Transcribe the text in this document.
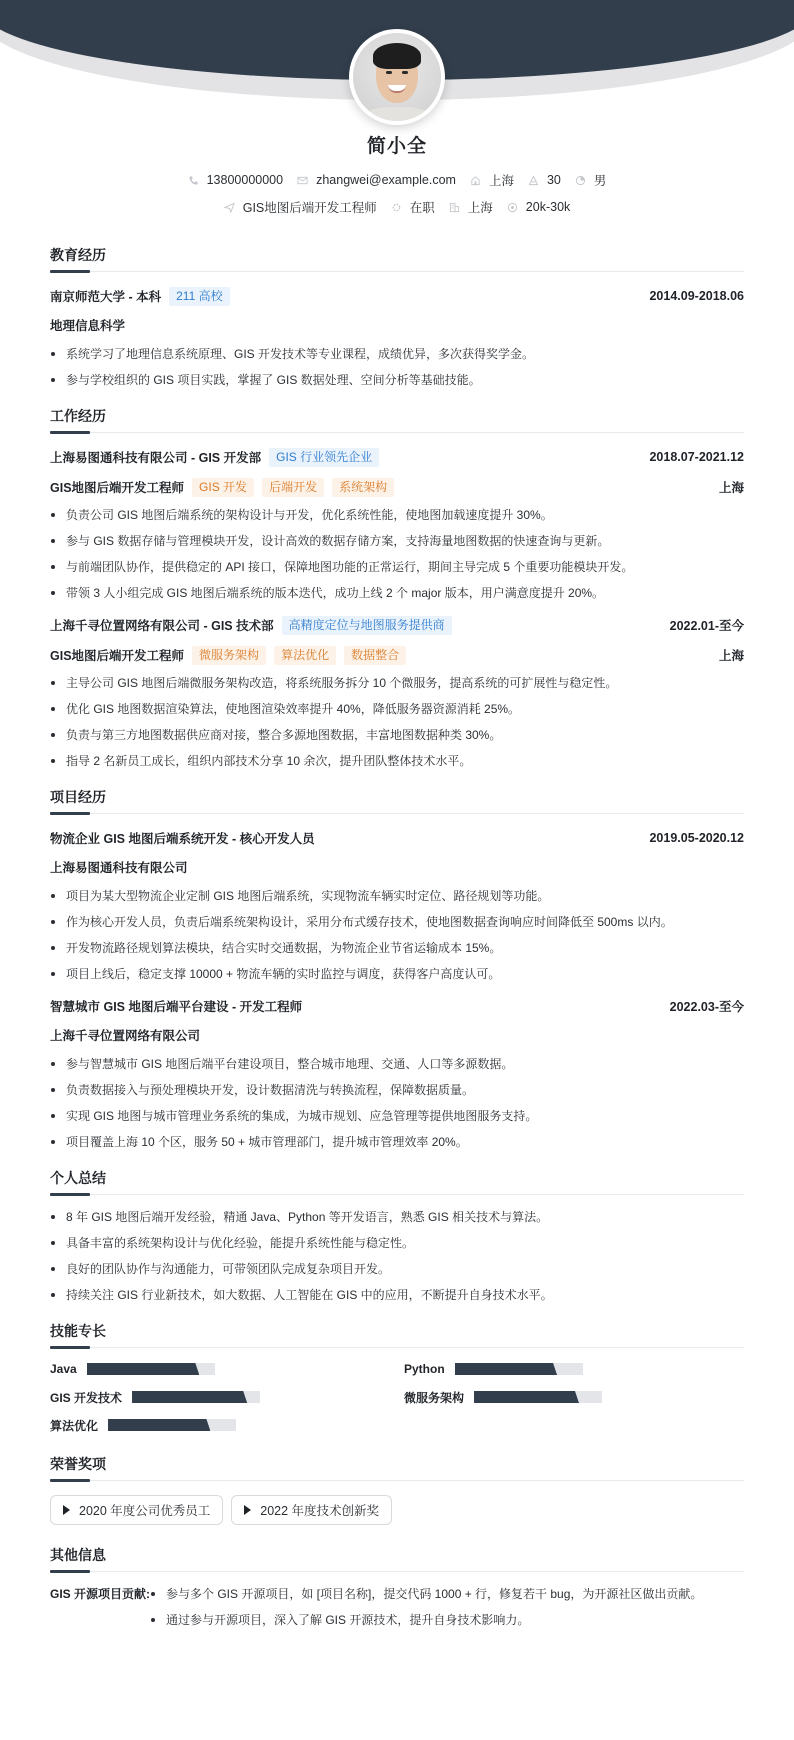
简小全
13800000000	zhangwei@example.com	上海	30	男
GIS地图后端开发工程师	在职	上海	20k-30k
教育经历
南京师范大学 - 本科	211 高校	2014.09-2018.06
地理信息科学
系统学习了地理信息系统原理、GIS 开发技术等专业课程，成绩优异，多次获得奖学金。
参与学校组织的 GIS 项目实践，掌握了 GIS 数据处理、空间分析等基础技能。
工作经历
上海易图通科技有限公司 - GIS 开发部	GIS 行业领先企业	2018.07-2021.12
GIS地图后端开发工程师	GIS 开发	后端开发	系统架构	上海
负责公司 GIS 地图后端系统的架构设计与开发，优化系统性能，使地图加载速度提升 30%。
参与 GIS 数据存储与管理模块开发，设计高效的数据存储方案，支持海量地图数据的快速查询与更新。
与前端团队协作，提供稳定的 API 接口，保障地图功能的正常运行，期间主导完成 5 个重要功能模块开发。
带领 3 人小组完成 GIS 地图后端系统的版本迭代，成功上线 2 个 major 版本，用户满意度提升 20%。
上海千寻位置网络有限公司 - GIS 技术部	高精度定位与地图服务提供商	2022.01-至今
GIS地图后端开发工程师	微服务架构	算法优化	数据整合	上海
主导公司 GIS 地图后端微服务架构改造，将系统服务拆分 10 个微服务，提高系统的可扩展性与稳定性。
优化 GIS 地图数据渲染算法，使地图渲染效率提升 40%，降低服务器资源消耗 25%。
负责与第三方地图数据供应商对接，整合多源地图数据，丰富地图数据种类 30%。
指导 2 名新员工成长，组织内部技术分享 10 余次，提升团队整体技术水平。
项目经历
物流企业 GIS 地图后端系统开发 - 核心开发人员	2019.05-2020.12
上海易图通科技有限公司
项目为某大型物流企业定制 GIS 地图后端系统，实现物流车辆实时定位、路径规划等功能。
作为核心开发人员，负责后端系统架构设计，采用分布式缓存技术，使地图数据查询响应时间降低至 500ms 以内。
开发物流路径规划算法模块，结合实时交通数据，为物流企业节省运输成本 15%。
项目上线后，稳定支撑 10000 + 物流车辆的实时监控与调度，获得客户高度认可。
智慧城市 GIS 地图后端平台建设 - 开发工程师	2022.03-至今
上海千寻位置网络有限公司
参与智慧城市 GIS 地图后端平台建设项目，整合城市地理、交通、人口等多源数据。
负责数据接入与预处理模块开发，设计数据清洗与转换流程，保障数据质量。
实现 GIS 地图与城市管理业务系统的集成，为城市规划、应急管理等提供地图服务支持。
项目覆盖上海 10 个区，服务 50 + 城市管理部门，提升城市管理效率 20%。
个人总结
8 年 GIS 地图后端开发经验，精通 Java、Python 等开发语言，熟悉 GIS 相关技术与算法。
具备丰富的系统架构设计与优化经验，能提升系统性能与稳定性。
良好的团队协作与沟通能力，可带领团队完成复杂项目开发。
持续关注 GIS 行业新技术，如大数据、人工智能在 GIS 中的应用，不断提升自身技术水平。
技能专长
Java	Python
GIS 开发技术	微服务架构
算法优化
荣誉奖项
2020 年度公司优秀员工	2022 年度技术创新奖
其他信息
GIS 开源项目贡献:	参与多个 GIS 开源项目，如 [项目名称]，提交代码 1000 + 行，修复若干 bug，为开源社区做出贡献。
通过参与开源项目，深入了解 GIS 开源技术，提升自身技术影响力。
